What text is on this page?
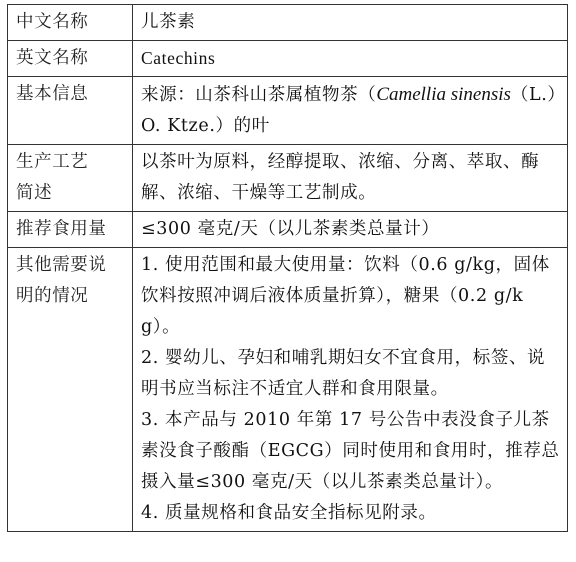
中文名称	儿茶素
英文名称	Catechins
基本信息	来源：山茶科山茶属植物茶（Camellia sinensis（L.）O. Ktze.）的叶

生产工艺
简述	以茶叶为原料，经醇提取、浓缩、分离、萃取、酶解、浓缩、干燥等工艺制成。
推荐食用量	≤300 毫克/天（以儿茶素类总量计）

其他需要说
明的情况	1. 使用范围和最大使用量：饮料（0.6 g/kg，固体饮料按照冲调后液体质量折算），糖果（0.2 g/kg）。
2. 婴幼儿、孕妇和哺乳期妇女不宜食用，标签、说明书应当标注不适宜人群和食用限量。
3. 本产品与 2010 年第 17 号公告中表没食子儿茶素没食子酸酯（EGCG）同时使用和食用时，推荐总摄入量≤300 毫克/天（以儿茶素类总量计）。
4. 质量规格和食品安全指标见附录。
